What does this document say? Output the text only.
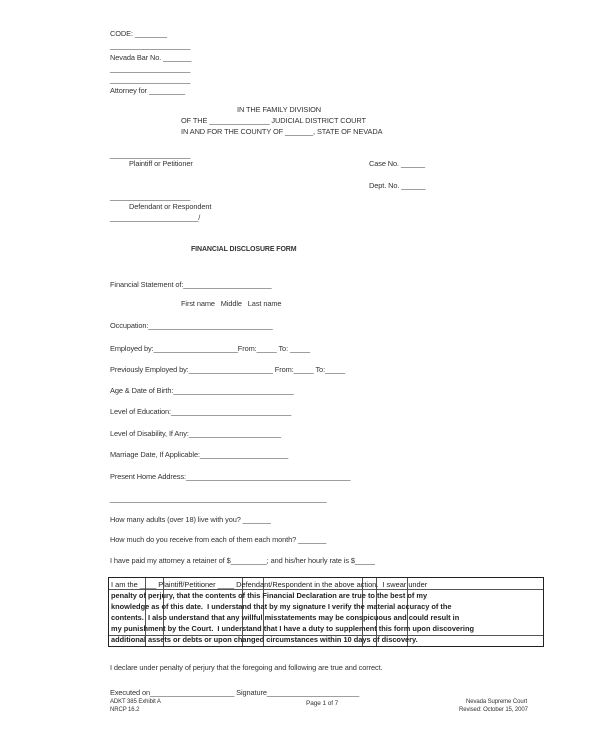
CODE: ________
____________________
Nevada Bar No. _______
____________________
____________________
Attorney for _________
IN THE FAMILY DIVISION
OF THE _______________ JUDICIAL DISTRICT COURT
IN AND FOR THE COUNTY OF _______, STATE OF NEVADA
____________________
Plaintiff or Petitioner	Case No. ______
Dept. No. ______
____________________
Defendant or Respondent
______________________/
FINANCIAL DISCLOSURE FORM
Financial Statement of:______________________
First name   Middle   Last name
Occupation:_______________________________
Employed by:_____________________From:_____ To: _____
Previously Employed by:_____________________ From:_____ To:_____
Age & Date of Birth:______________________________
Level of Education:______________________________
Level of Disability, If Any:_______________________
Marriage Date, If Applicable:______________________
Present Home Address:_________________________________________
______________________________________________________
How many adults (over 18) live with you? _______
How much do you receive from each of them each month? _______
I have paid my attorney a retainer of $_________; and his/her hourly rate is $_____
I am the ____ Plaintiff/Petitioner ____ Defendant/Respondent in the above action.  I swear under
penalty of perjury, that the contents of this Financial Declaration are true to the best of my
knowledge as of this date.  I understand that by my signature I verify the material accuracy of the
contents.  I also understand that any willful misstatements may be conspicuous and could result in
my punishment by the Court.  I understand that I have a duty to supplement this form upon discovering
additional assets or debts or upon changed circumstances within 10 days of discovery.
I declare under penalty of perjury that the foregoing and following are true and correct.
Executed on_____________________ Signature_______________________
ADKT 385 Exhibit A
NRCP 16.2
Page 1 of 7	Nevada Supreme Court
Revised: October 15, 2007
